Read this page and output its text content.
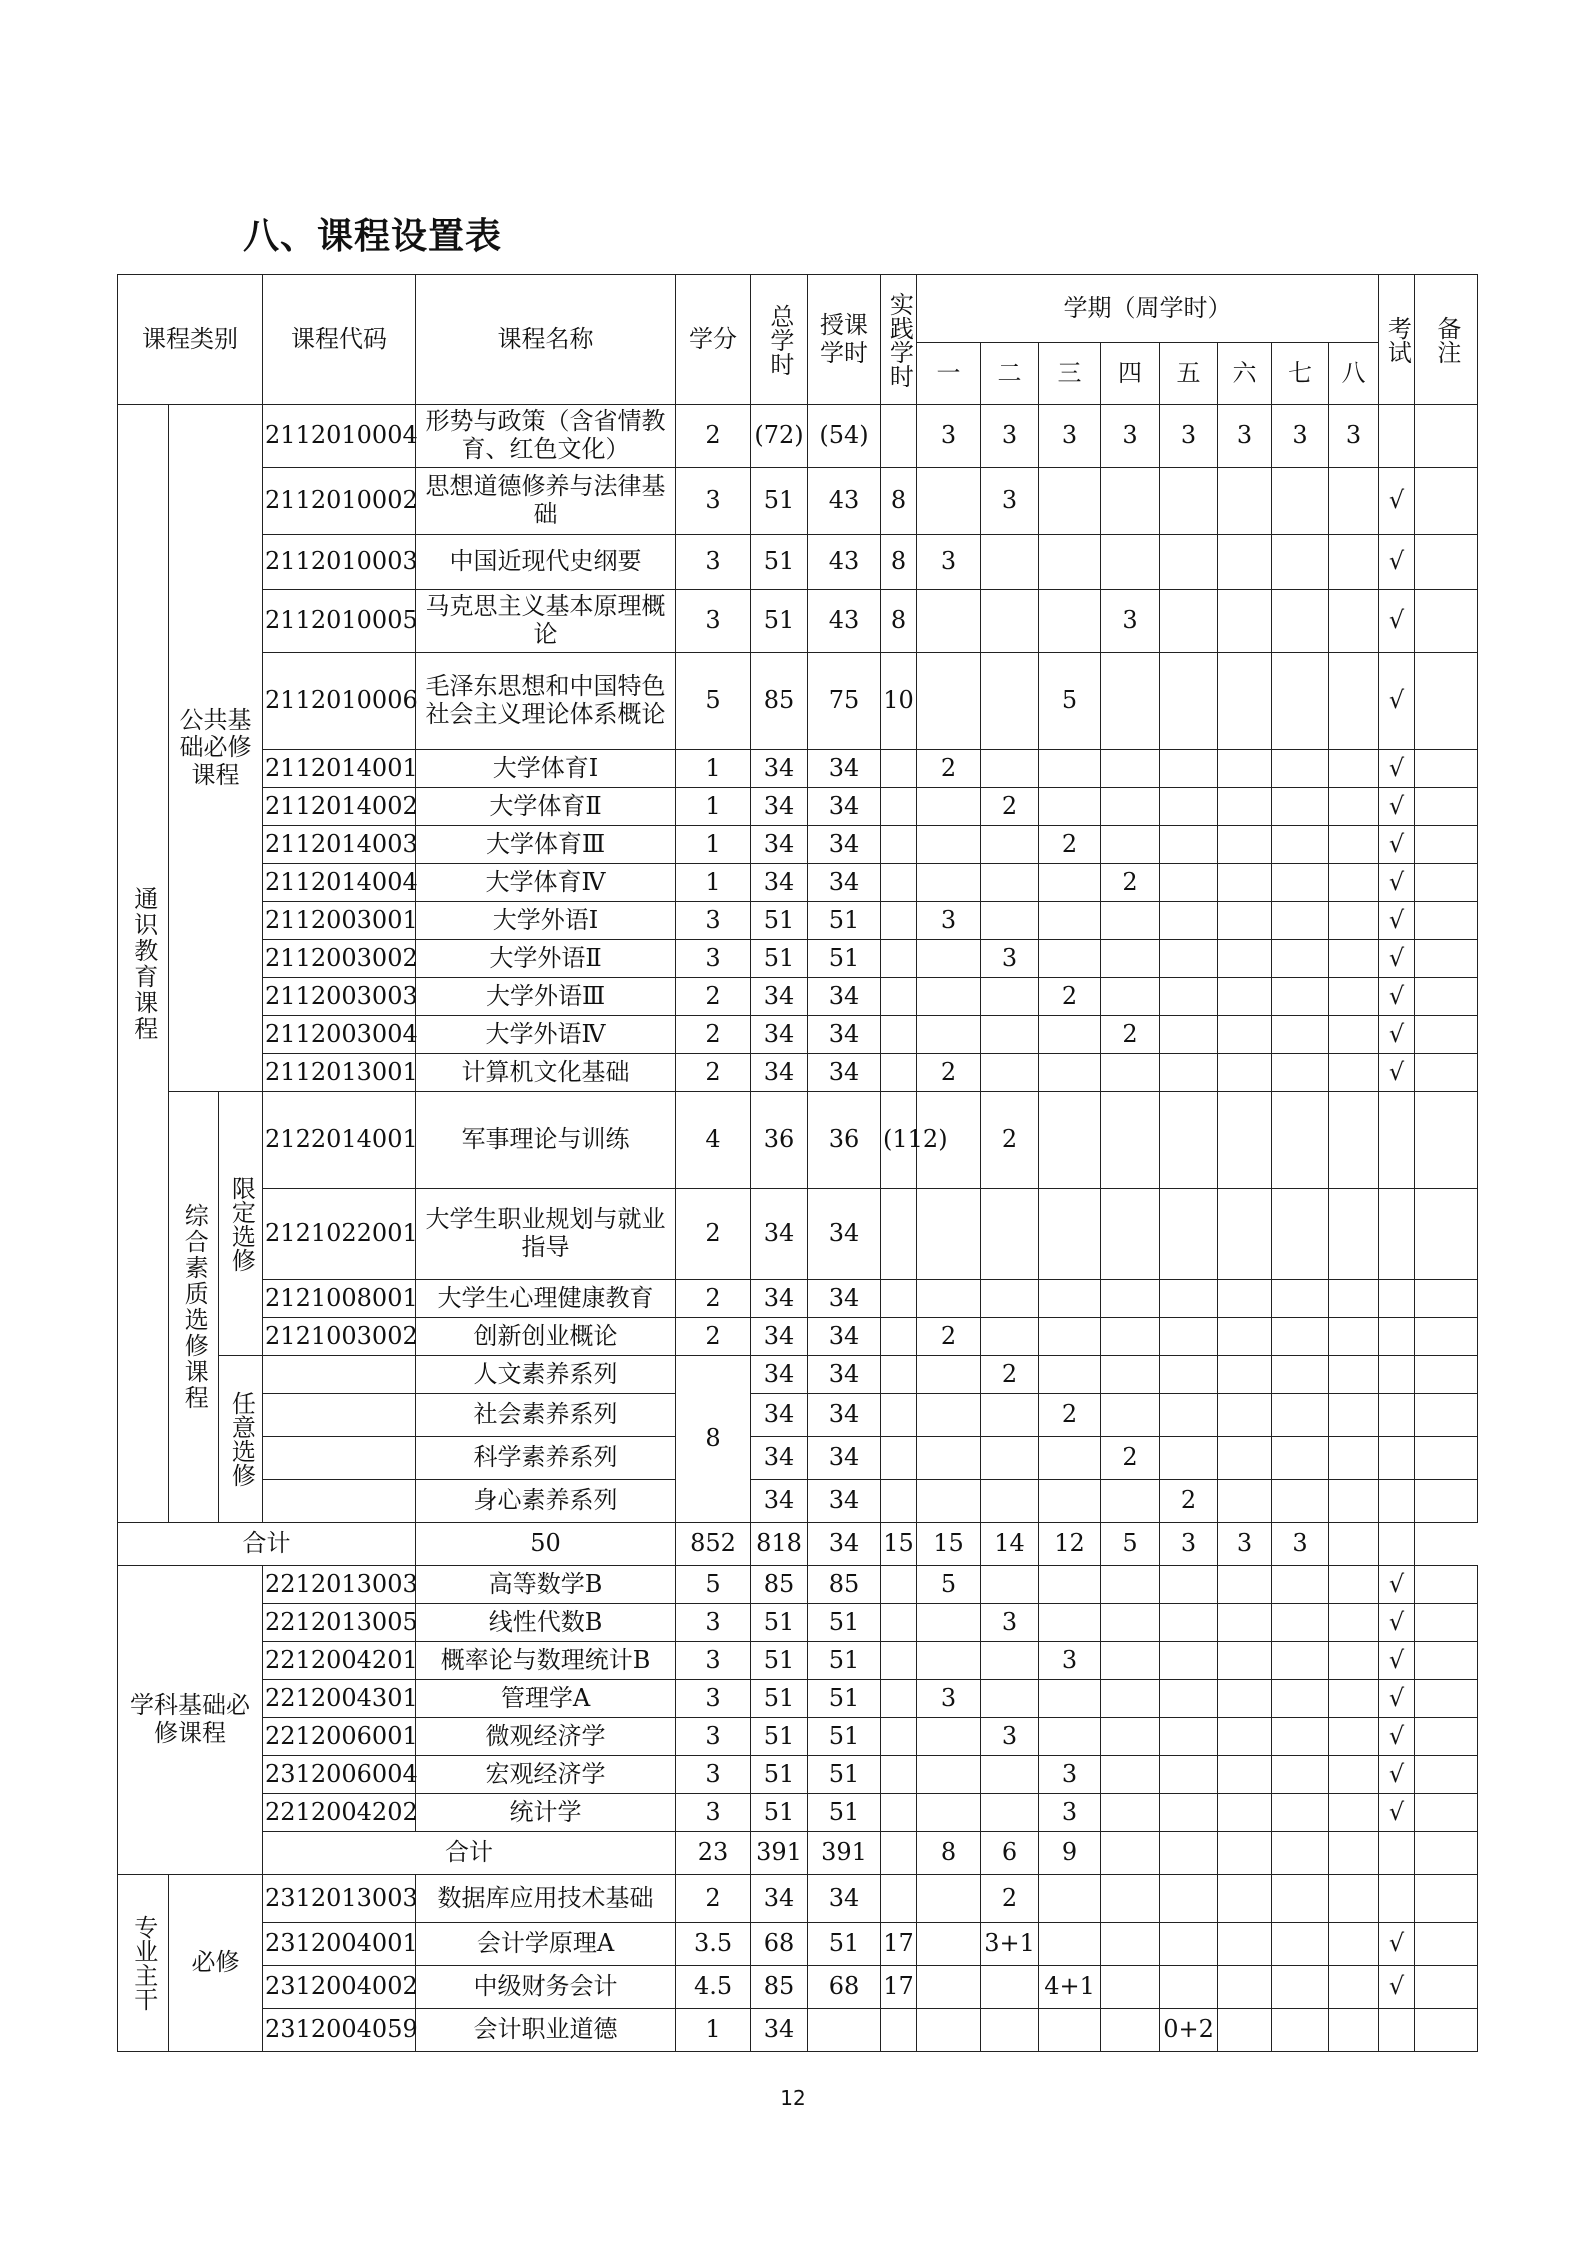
八、课程设置表
课程类别			课程代码	课程名称	学分	总学时	授课学时	实践学时	学期（周学时）								考试	备注
									一	二	三	四	五	六	七	八		
通识教育课程	公共基础必修课程		2112010004	形势与政策（含省情教育、红色文化）	2	(72)	(54)		3	3	3	3	3	3	3	3		
			2112010002	思想道德修养与法律基础	3	51	43	8		3							√	
			2112010003	中国近现代史纲要	3	51	43	8	3								√	
			2112010005	马克思主义基本原理概论	3	51	43	8				3					√	
			2112010006	毛泽东思想和中国特色社会主义理论体系概论	5	85	75	10			5						√	
			2112014001	大学体育I	1	34	34		2								√	
			2112014002	大学体育Ⅱ	1	34	34			2							√	
			2112014003	大学体育Ⅲ	1	34	34				2						√	
			2112014004	大学体育Ⅳ	1	34	34					2					√	
			2112003001	大学外语I	3	51	51		3								√	
			2112003002	大学外语Ⅱ	3	51	51			3							√	
			2112003003	大学外语Ⅲ	2	34	34				2						√	
			2112003004	大学外语Ⅳ	2	34	34					2					√	
			2112013001	计算机文化基础	2	34	34		2								√	
	综合素质选修课程	限定选修	2122014001	军事理论与训练	4	36	36	(112)		2								
			2121022001	大学生职业规划与就业指导	2	34	34											
			2121008001	大学生心理健康教育	2	34	34											
			2121003002	创新创业概论	2	34	34		2									
		任意选修		人文素养系列	8	34	34			2								
				社会素养系列		34	34				2							
				科学素养系列		34	34					2						
				身心素养系列		34	34						2					
合计				50	852	818	34	15	15	14	12	5	3	3	3			
学科基础必修课程			2212013003	高等数学B	5	85	85		5								√	
			2212013005	线性代数B	3	51	51			3							√	
			2212004201	概率论与数理统计B	3	51	51				3						√	
			2212004301	管理学A	3	51	51		3								√	
			2212006001	微观经济学	3	51	51			3							√	
			2312006004	宏观经济学	3	51	51				3						√	
			2212004202	统计学	3	51	51				3						√	
			合计		23	391	391		8	6	9							
专业主干	必修		2312013003	数据库应用技术基础	2	34	34			2								
			2312004001	会计学原理A	3.5	68	51	17		3+1							√	
			2312004002	中级财务会计	4.5	85	68	17			4+1						√	
			2312004059	会计职业道德	1	34							0+2					
12
